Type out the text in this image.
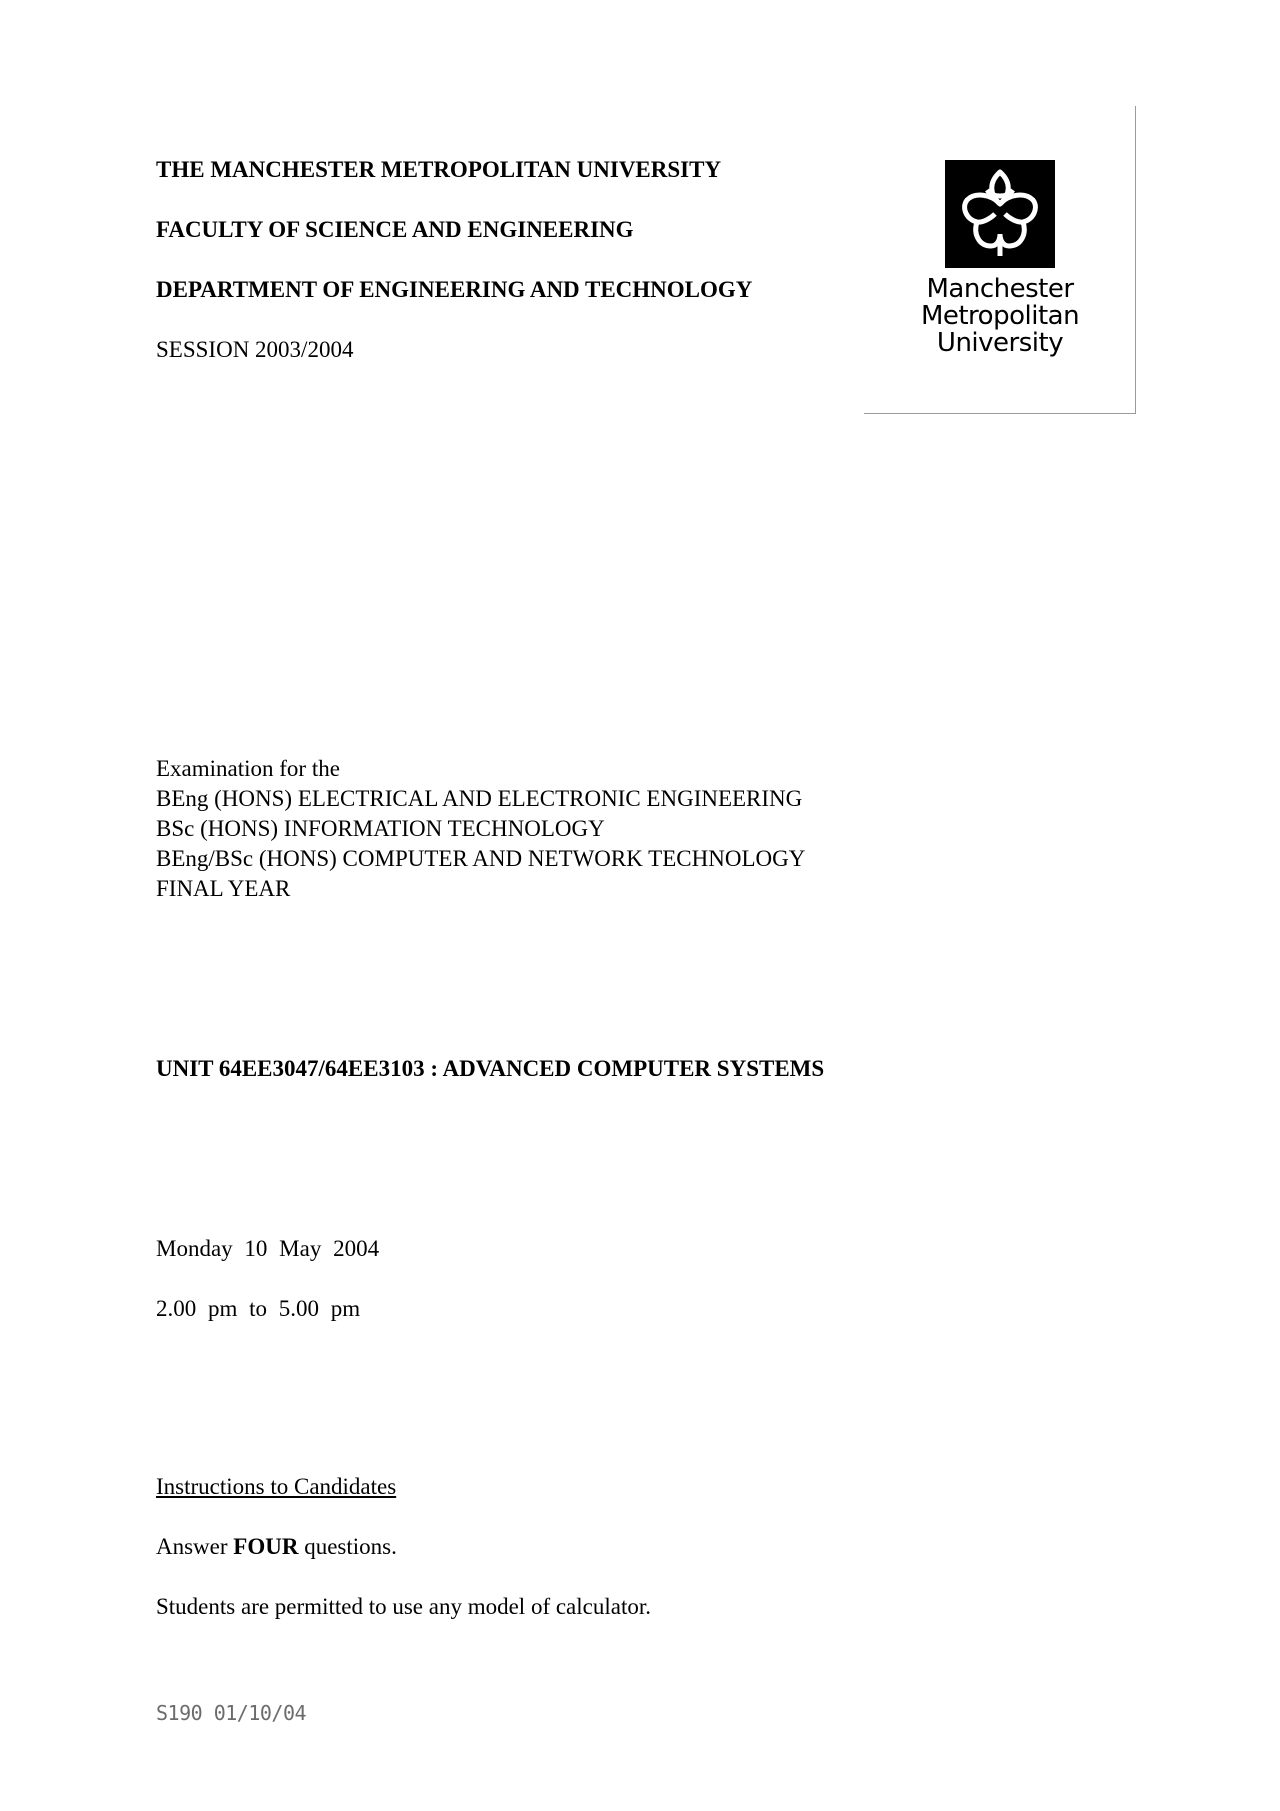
THE MANCHESTER METROPOLITAN UNIVERSITY

FACULTY OF SCIENCE AND ENGINEERING

DEPARTMENT OF ENGINEERING AND TECHNOLOGY

SESSION 2003/2004

Manchester
Metropolitan
University

Examination for the

BEng (HONS) ELECTRICAL AND ELECTRONIC ENGINEERING

BSc (HONS) INFORMATION TECHNOLOGY

BEng/BSc (HONS) COMPUTER AND NETWORK TECHNOLOGY

FINAL YEAR

UNIT 64EE3047/64EE3103 : ADVANCED COMPUTER SYSTEMS

Monday 10 May 2004

2.00 pm to 5.00 pm

Instructions to Candidates

Answer FOUR questions.

Students are permitted to use any model of calculator.

S190 01/10/04
